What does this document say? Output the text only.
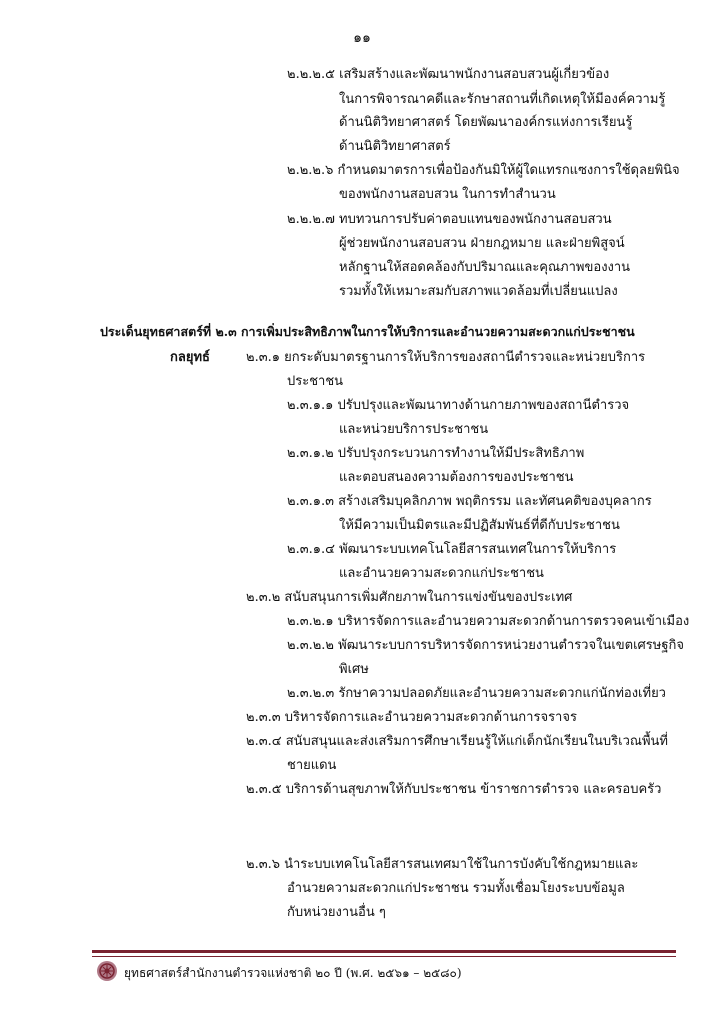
๑๑
๒.๒.๒.๕ เสริมสร้างและพัฒนาพนักงานสอบสวนผู้เกี่ยวข้อง
ในการพิจารณาคดีและรักษาสถานที่เกิดเหตุให้มีองค์ความรู้
ด้านนิติวิทยาศาสตร์ โดยพัฒนาองค์กรแห่งการเรียนรู้
ด้านนิติวิทยาศาสตร์
๒.๒.๒.๖ กำหนดมาตรการเพื่อป้องกันมิให้ผู้ใดแทรกแซงการใช้ดุลยพินิจ
ของพนักงานสอบสวน ในการทำสำนวน
๒.๒.๒.๗ ทบทวนการปรับค่าตอบแทนของพนักงานสอบสวน
ผู้ช่วยพนักงานสอบสวน ฝ่ายกฎหมาย และฝ่ายพิสูจน์
หลักฐานให้สอดคล้องกับปริมาณและคุณภาพของงาน
รวมทั้งให้เหมาะสมกับสภาพแวดล้อมที่เปลี่ยนแปลง
ประเด็นยุทธศาสตร์ที่ ๒.๓ การเพิ่มประสิทธิภาพในการให้บริการและอำนวยความสะดวกแก่ประชาชน
กลยุทธ์	๒.๓.๑ ยกระดับมาตรฐานการให้บริการของสถานีตำรวจและหน่วยบริการ
ประชาชน
๒.๓.๑.๑ ปรับปรุงและพัฒนาทางด้านกายภาพของสถานีตำรวจ
และหน่วยบริการประชาชน
๒.๓.๑.๒ ปรับปรุงกระบวนการทำงานให้มีประสิทธิภาพ
และตอบสนองความต้องการของประชาชน
๒.๓.๑.๓ สร้างเสริมบุคลิกภาพ พฤติกรรม และทัศนคติของบุคลากร
ให้มีความเป็นมิตรและมีปฏิสัมพันธ์ที่ดีกับประชาชน
๒.๓.๑.๔ พัฒนาระบบเทคโนโลยีสารสนเทศในการให้บริการ
และอำนวยความสะดวกแก่ประชาชน
๒.๓.๒ สนับสนุนการเพิ่มศักยภาพในการแข่งขันของประเทศ
๒.๓.๒.๑ บริหารจัดการและอำนวยความสะดวกด้านการตรวจคนเข้าเมือง
๒.๓.๒.๒ พัฒนาระบบการบริหารจัดการหน่วยงานตำรวจในเขตเศรษฐกิจ
พิเศษ
๒.๓.๒.๓ รักษาความปลอดภัยและอำนวยความสะดวกแก่นักท่องเที่ยว
๒.๓.๓ บริหารจัดการและอำนวยความสะดวกด้านการจราจร
๒.๓.๔ สนับสนุนและส่งเสริมการศึกษาเรียนรู้ให้แก่เด็กนักเรียนในบริเวณพื้นที่
ชายแดน
๒.๓.๕ บริการด้านสุขภาพให้กับประชาชน ข้าราชการตำรวจ และครอบครัว
๒.๓.๖ นำระบบเทคโนโลยีสารสนเทศมาใช้ในการบังคับใช้กฎหมายและ
อำนวยความสะดวกแก่ประชาชน รวมทั้งเชื่อมโยงระบบข้อมูล
กับหน่วยงานอื่น ๆ
ยุทธศาสตร์สำนักงานตำรวจแห่งชาติ ๒๐ ปี (พ.ศ. ๒๕๖๑ – ๒๕๘๐)
